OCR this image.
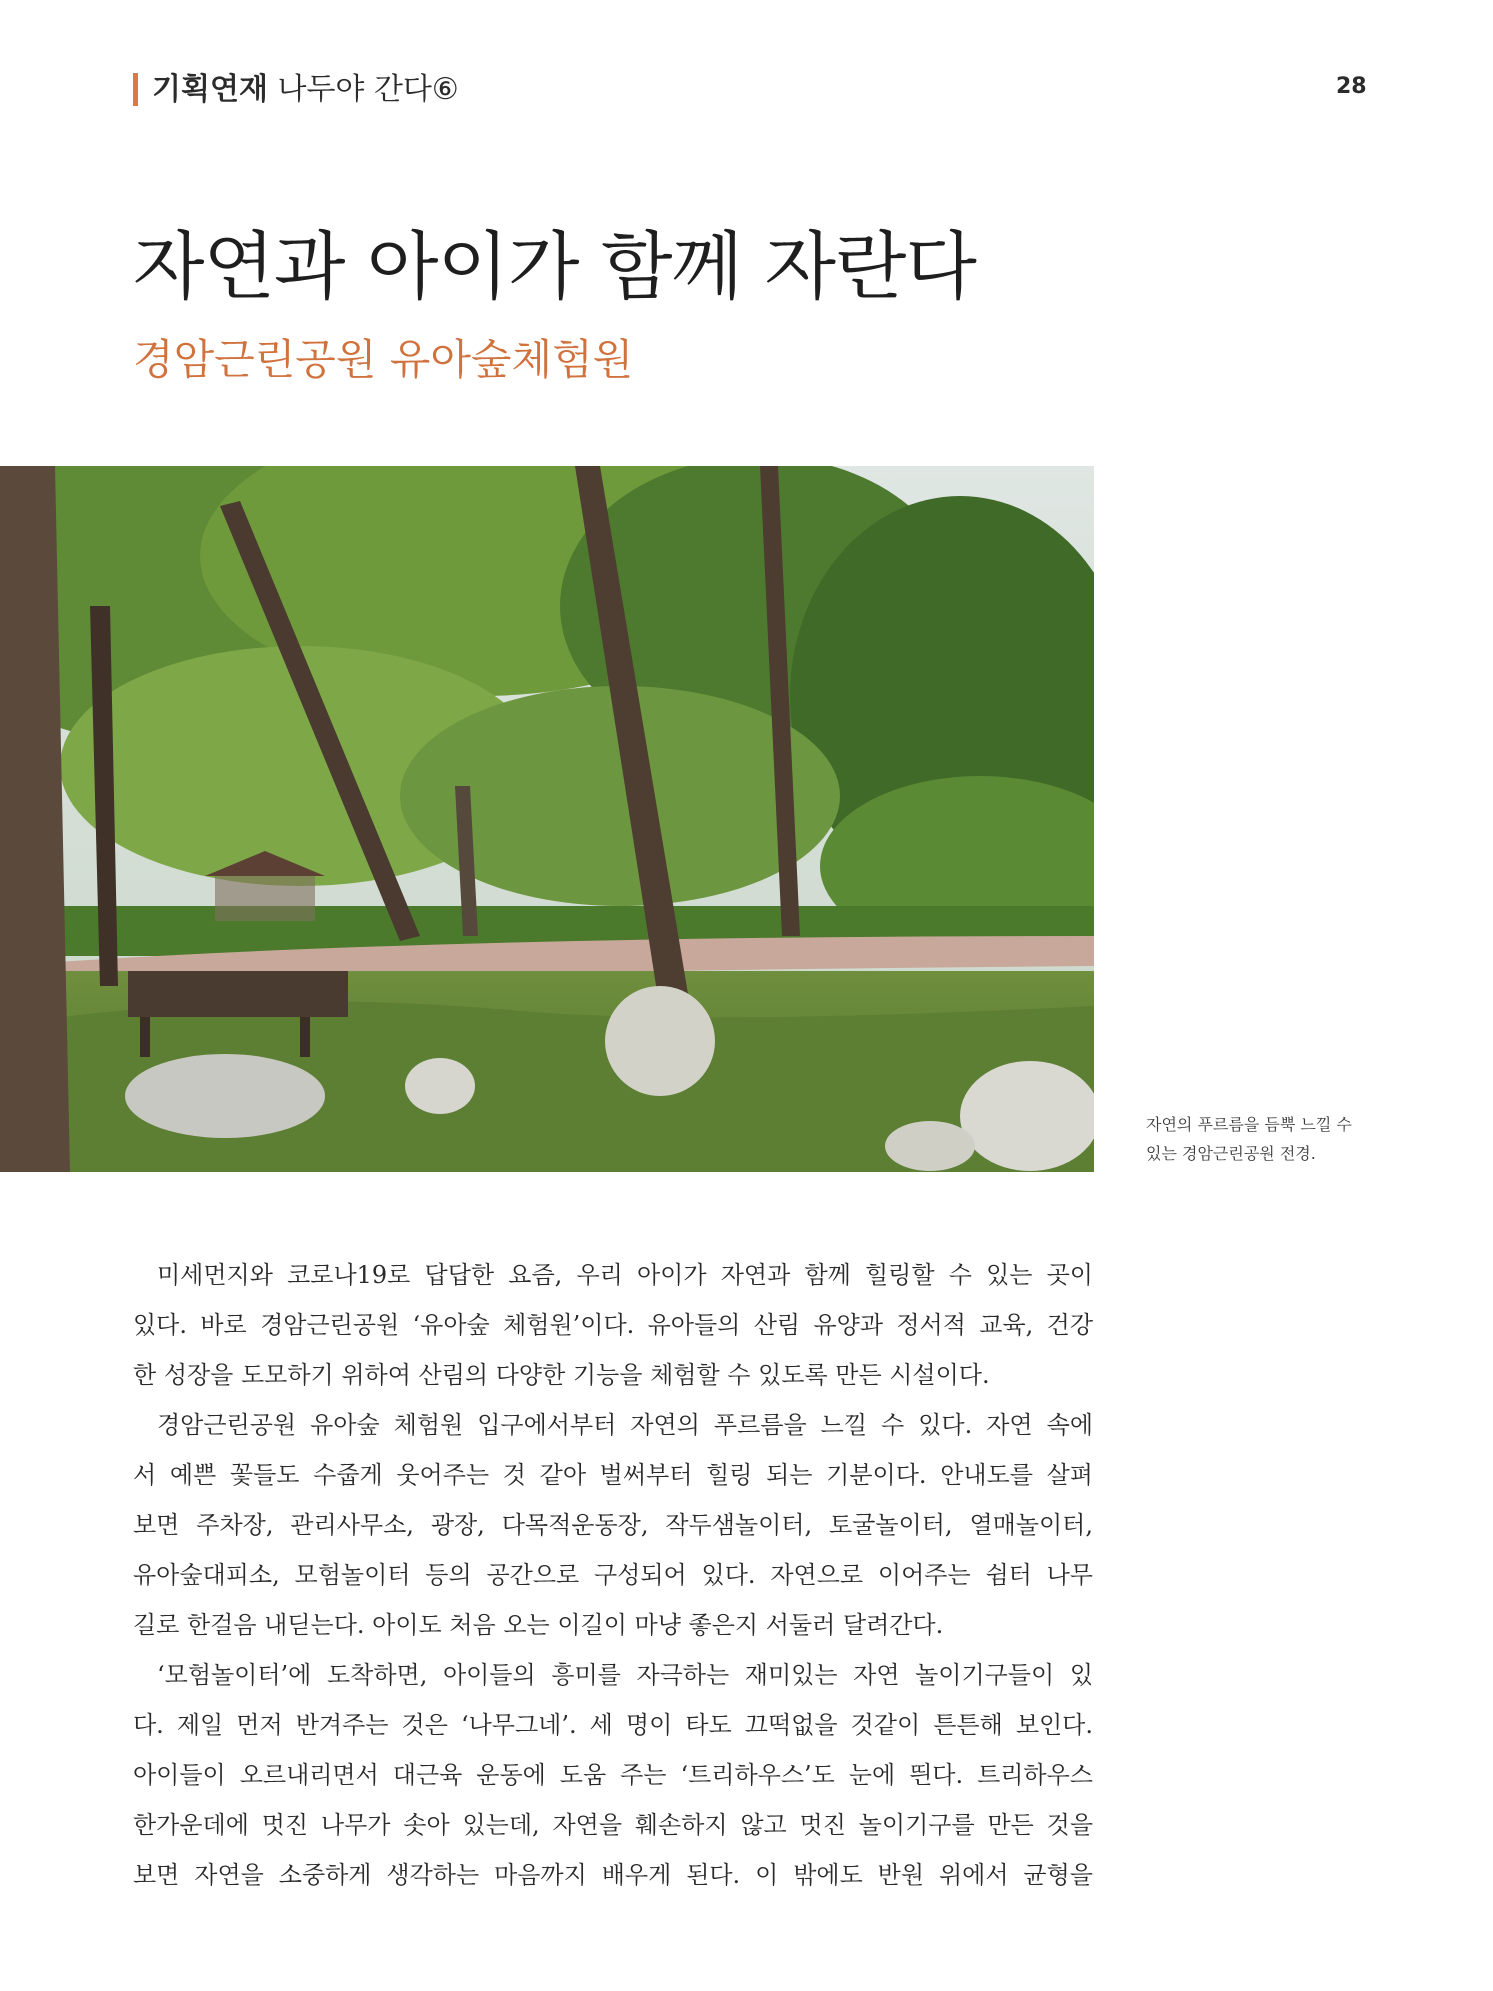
기획연재 나두야 간다⑥	28
자연과 아이가 함께 자란다
경암근린공원 유아숲체험원
자연의 푸르름을 듬뿍 느낄 수
있는 경암근린공원 전경.
미세먼지와 코로나19로 답답한 요즘, 우리 아이가 자연과 함께 힐링할 수 있는 곳이
있다. 바로 경암근린공원 ‘유아숲 체험원’이다. 유아들의 산림 유양과 정서적 교육, 건강
한 성장을 도모하기 위하여 산림의 다양한 기능을 체험할 수 있도록 만든 시설이다.
경암근린공원 유아숲 체험원 입구에서부터 자연의 푸르름을 느낄 수 있다. 자연 속에
서 예쁜 꽃들도 수줍게 웃어주는 것 같아 벌써부터 힐링 되는 기분이다. 안내도를 살펴
보면 주차장, 관리사무소, 광장, 다목적운동장, 작두샘놀이터, 토굴놀이터, 열매놀이터,
유아숲대피소, 모험놀이터 등의 공간으로 구성되어 있다. 자연으로 이어주는 쉼터 나무
길로 한걸음 내딛는다. 아이도 처음 오는 이길이 마냥 좋은지 서둘러 달려간다.
‘모험놀이터’에 도착하면, 아이들의 흥미를 자극하는 재미있는 자연 놀이기구들이 있
다. 제일 먼저 반겨주는 것은 ‘나무그네’. 세 명이 타도 끄떡없을 것같이 튼튼해 보인다.
아이들이 오르내리면서 대근육 운동에 도움 주는 ‘트리하우스’도 눈에 띈다. 트리하우스
한가운데에 멋진 나무가 솟아 있는데, 자연을 훼손하지 않고 멋진 놀이기구를 만든 것을
보면 자연을 소중하게 생각하는 마음까지 배우게 된다. 이 밖에도 반원 위에서 균형을
